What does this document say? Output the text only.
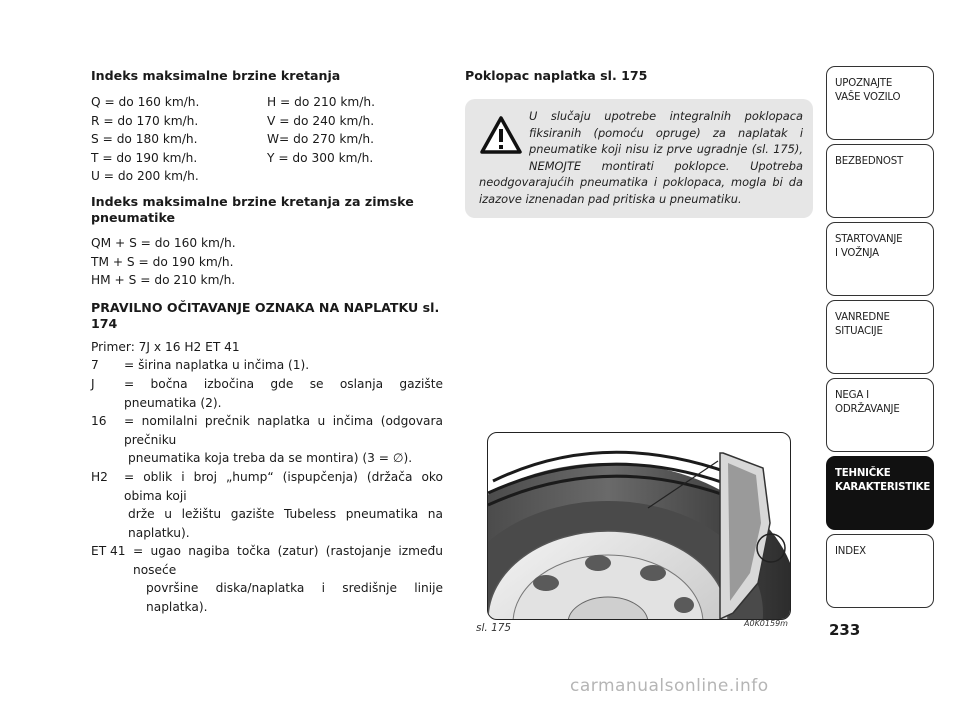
Indeks maksimalne brzine kretanja

Q = do 160 km/h.	H = do 210 km/h.
R = do 170 km/h.	V = do 240 km/h.
S = do 180 km/h.	W= do 270 km/h.
T = do 190 km/h.	Y = do 300 km/h.
U = do 200 km/h.

Indeks maksimalne brzine kretanja za zimske pneumatike

QM + S = do 160 km/h.
TM + S = do 190 km/h.
HM + S = do 210 km/h.

PRAVILNO OČITAVANJE OZNAKA NA NAPLATKU sl. 174

Primer: 7J x 16 H2 ET 41
7	= širina naplatka u inčima (1).
J	= bočna izbočina gde se oslanja gazište pneumatika (2).
16	= nomilalni prečnik naplatka u inčima (odgovara prečniku
pneumatika koja treba da se montira) (3 = ∅).
H2	= oblik i broj „hump“ (ispupčenja) (držača oko obima koji
drže u ležištu gazište Tubeless pneumatika na naplatku).
ET 41 = ugao nagiba točka (zatur) (rastojanje između noseće
površine diska/naplatka i središnje linije naplatka).

Poklopac naplatka sl. 175

U slučaju upotrebe integralnih poklopaca fiksiranih (pomoću opruge) za naplatak i pneumatike koji nisu iz prve ugradnje (sl. 175), NEMOJTE montirati poklopce. Upotreba neodgovarajućih pneumatika i poklopaca, mogla bi da izazove iznenadan pad pritiska u pneumatiku.

sl. 175	A0K0159m
UPOZNAJTE
VAŠE VOZILO
BEZBEDNOST
STARTOVANJE
I VOŽNJA
VANREDNE
SITUACIJE
NEGA I
ODRŽAVANJE
TEHNIČKE
KARAKTERISTIKE
INDEX
233
carmanualsonline.info
